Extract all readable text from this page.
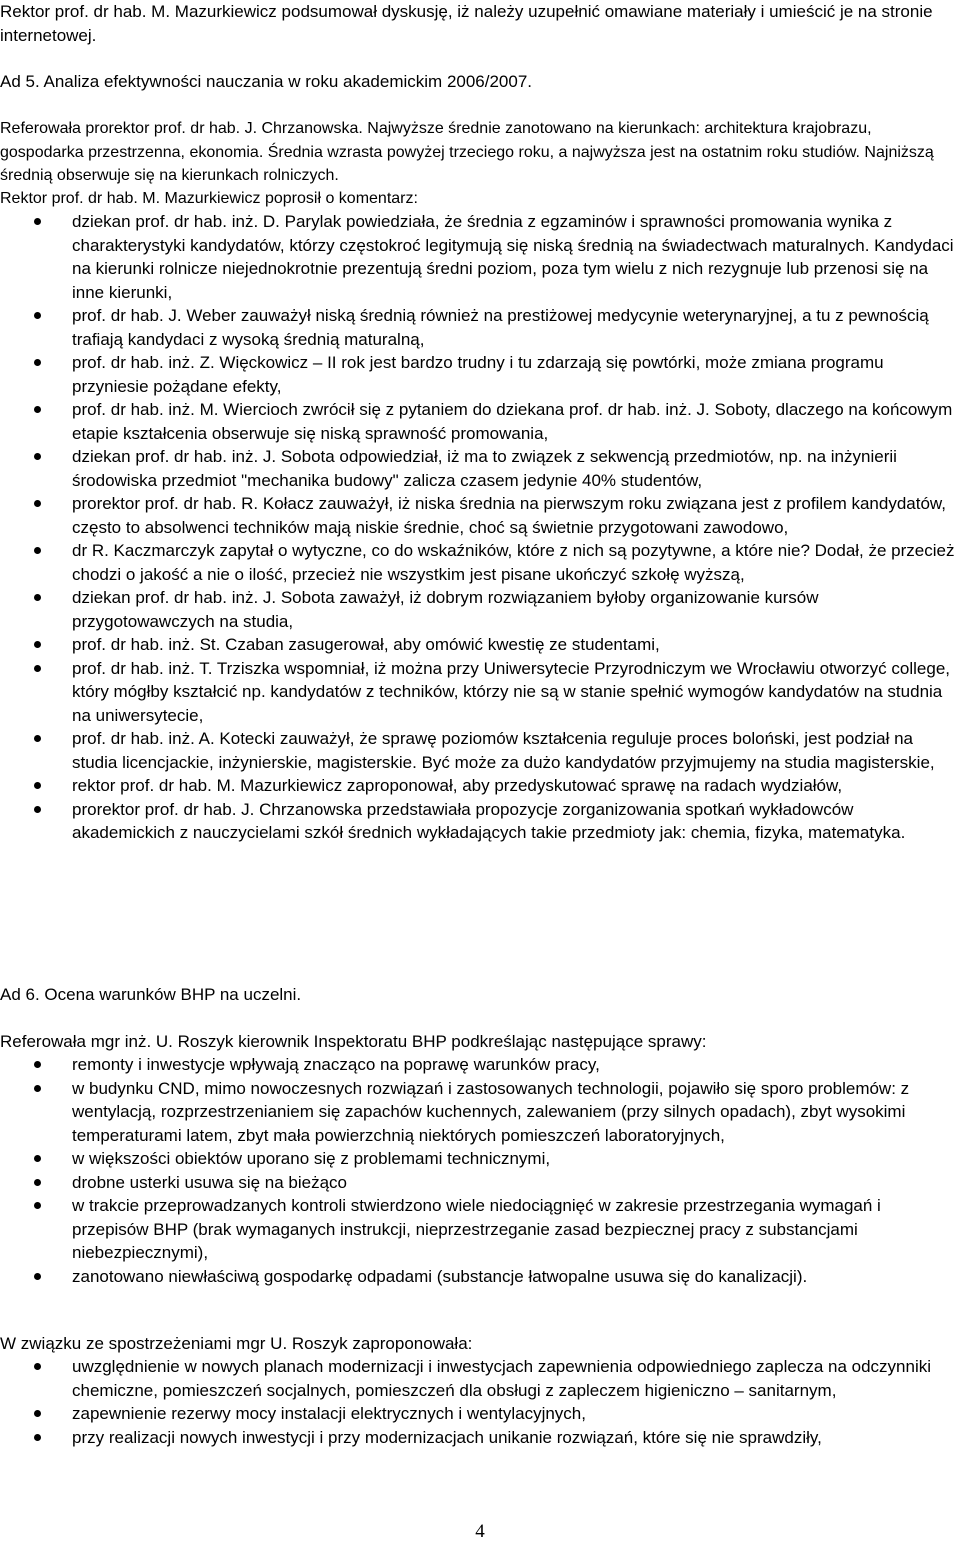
Rektor prof. dr hab. M. Mazurkiewicz podsumował dyskusję, iż należy uzupełnić omawiane materiały i umieścić je na stronie internetowej.

Ad 5. Analiza efektywności nauczania w roku akademickim 2006/2007.

Referowała prorektor prof. dr hab. J. Chrzanowska. Najwyższe średnie zanotowano na kierunkach: architektura krajobrazu, gospodarka przestrzenna, ekonomia. Średnia wzrasta powyżej trzeciego roku, a najwyższa jest na ostatnim roku studiów. Najniższą średnią obserwuje się na kierunkach rolniczych.

Rektor prof. dr hab. M. Mazurkiewicz poprosił o komentarz:

dziekan prof. dr hab. inż. D. Parylak powiedziała, że średnia z egzaminów i sprawności promowania wynika z charakterystyki kandydatów, którzy częstokroć legitymują się niską średnią na świadectwach maturalnych. Kandydaci na kierunki rolnicze niejednokrotnie prezentują średni poziom, poza tym wielu z nich rezygnuje lub przenosi się na inne kierunki,
prof. dr hab. J. Weber zauważył niską średnią również na prestiżowej medycynie weterynaryjnej, a tu z pewnością trafiają kandydaci z wysoką średnią maturalną,
prof. dr hab. inż. Z. Więckowicz – II rok jest bardzo trudny i tu zdarzają się powtórki, może zmiana programu przyniesie pożądane efekty,
prof. dr hab. inż. M. Wiercioch zwrócił się z pytaniem do dziekana prof. dr hab. inż. J. Soboty, dlaczego na końcowym etapie kształcenia obserwuje się niską sprawność promowania,
dziekan prof. dr hab. inż. J. Sobota odpowiedział, iż ma to związek z sekwencją przedmiotów, np. na inżynierii środowiska przedmiot "mechanika budowy" zalicza czasem jedynie 40% studentów,
prorektor prof. dr hab. R. Kołacz zauważył, iż niska średnia na pierwszym roku związana jest z profilem kandydatów, często to absolwenci techników mają niskie średnie, choć są świetnie przygotowani zawodowo,
dr R. Kaczmarczyk zapytał o wytyczne, co do wskaźników, które z nich są pozytywne, a które nie? Dodał, że przecież chodzi o jakość a nie o ilość, przecież nie wszystkim jest pisane ukończyć szkołę wyższą,
dziekan prof. dr hab. inż. J. Sobota zaważył, iż dobrym rozwiązaniem byłoby organizowanie kursów przygotowawczych na studia,
prof. dr hab. inż. St. Czaban zasugerował, aby omówić kwestię ze studentami,
prof. dr hab. inż. T. Trziszka wspomniał, iż można przy Uniwersytecie Przyrodniczym we Wrocławiu otworzyć college, który mógłby kształcić np. kandydatów z techników, którzy nie są w stanie spełnić wymogów kandydatów na studnia na uniwersytecie,
prof. dr hab. inż. A. Kotecki zauważył, że sprawę poziomów kształcenia reguluje proces boloński, jest podział na studia licencjackie, inżynierskie, magisterskie. Być może za dużo kandydatów przyjmujemy na studia magisterskie,
rektor prof. dr hab. M. Mazurkiewicz zaproponował, aby przedyskutować sprawę na radach wydziałów,
prorektor prof. dr hab. J. Chrzanowska przedstawiała propozycje zorganizowania spotkań wykładowców akademickich z nauczycielami szkół średnich wykładających takie przedmioty jak: chemia, fizyka, matematyka.

Ad 6. Ocena warunków BHP na uczelni.

Referowała mgr inż. U. Roszyk kierownik Inspektoratu BHP podkreślając następujące sprawy:

remonty i inwestycje wpływają znacząco na poprawę warunków pracy,
w budynku CND, mimo nowoczesnych rozwiązań i zastosowanych technologii, pojawiło się sporo problemów: z wentylacją, rozprzestrzenianiem się zapachów kuchennych, zalewaniem (przy silnych opadach), zbyt wysokimi temperaturami latem, zbyt mała powierzchnią niektórych pomieszczeń laboratoryjnych,
w większości obiektów uporano się z problemami technicznymi,
drobne usterki usuwa się na bieżąco
w trakcie przeprowadzanych kontroli stwierdzono wiele niedociągnięć w zakresie przestrzegania wymagań i przepisów BHP (brak wymaganych instrukcji, nieprzestrzeganie zasad bezpiecznej pracy z substancjami niebezpiecznymi),
zanotowano niewłaściwą gospodarkę odpadami (substancje łatwopalne usuwa się do kanalizacji).

W związku ze spostrzeżeniami mgr U. Roszyk zaproponowała:

uwzględnienie w nowych planach modernizacji i inwestycjach zapewnienia odpowiedniego zaplecza na odczynniki chemiczne, pomieszczeń socjalnych, pomieszczeń dla obsługi z zapleczem higieniczno – sanitarnym,
zapewnienie rezerwy mocy instalacji elektrycznych i wentylacyjnych,
przy realizacji nowych inwestycji i przy modernizacjach unikanie rozwiązań, które się nie sprawdziły,
4
